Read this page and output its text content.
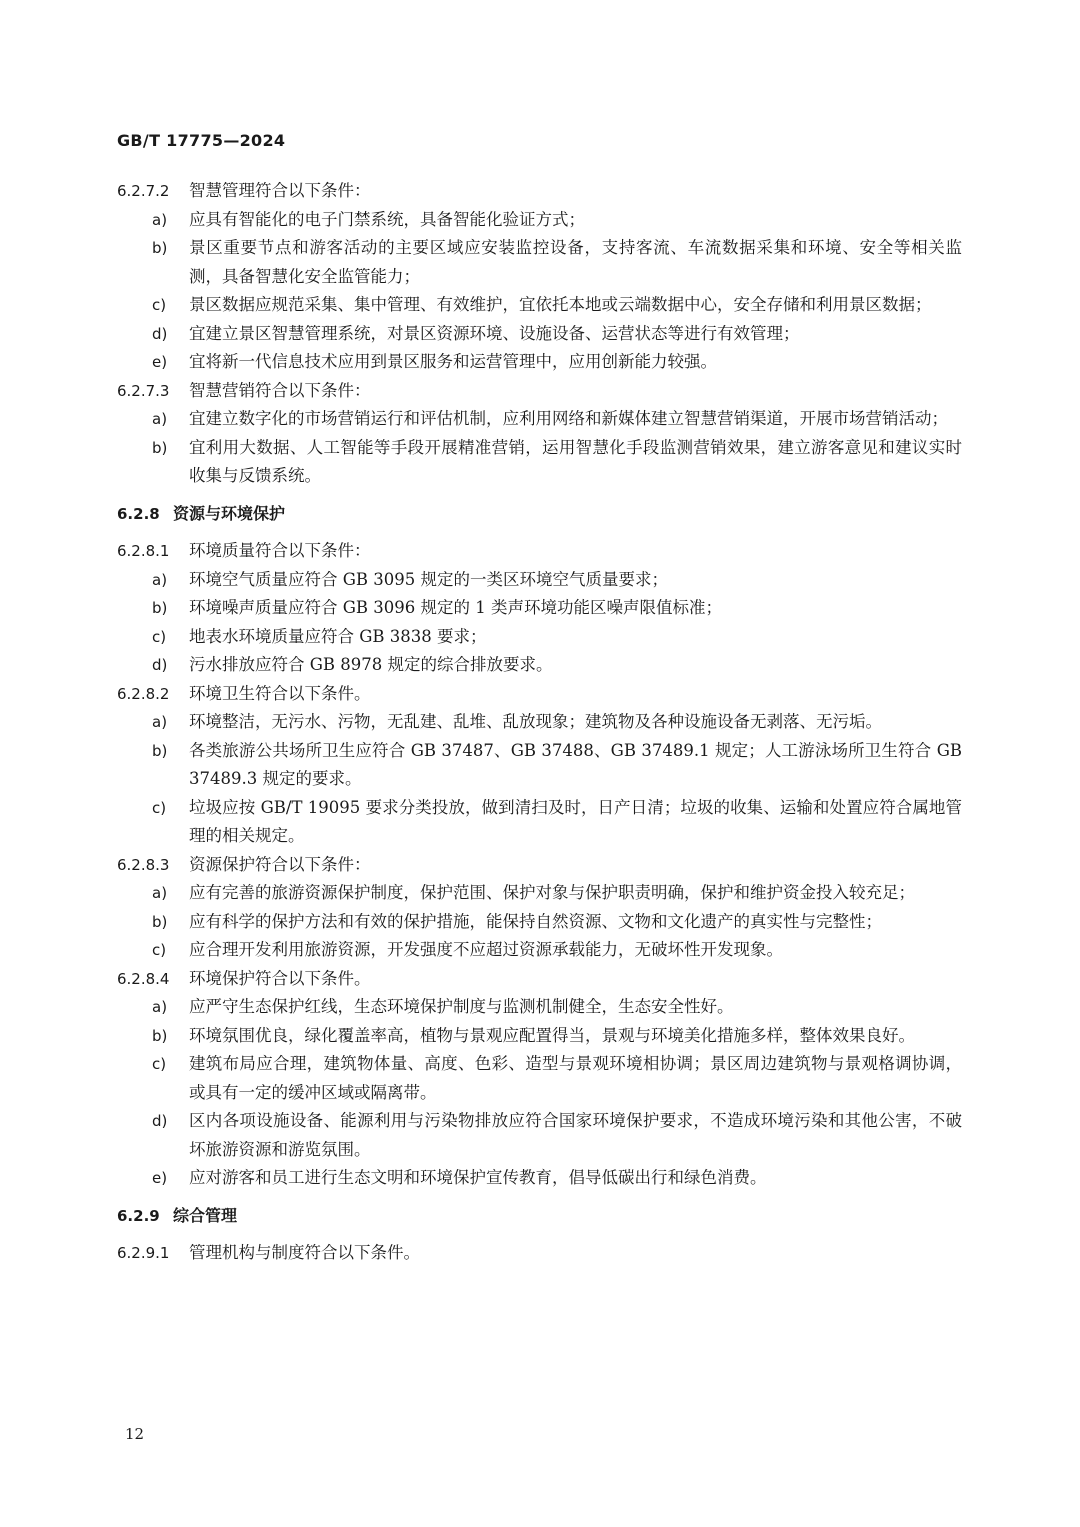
GB/T 17775—2024
6.2.7.2	智慧管理符合以下条件：
a)	应具有智能化的电子门禁系统，具备智能化验证方式；
b)	景区重要节点和游客活动的主要区域应安装监控设备，支持客流、车流数据采集和环境、安全等相关监测，具备智慧化安全监管能力；
c)	景区数据应规范采集、集中管理、有效维护，宜依托本地或云端数据中心，安全存储和利用景区数据；
d)	宜建立景区智慧管理系统，对景区资源环境、设施设备、运营状态等进行有效管理；
e)	宜将新一代信息技术应用到景区服务和运营管理中，应用创新能力较强。
6.2.7.3	智慧营销符合以下条件：
a)	宜建立数字化的市场营销运行和评估机制，应利用网络和新媒体建立智慧营销渠道，开展市场营销活动；
b)	宜利用大数据、人工智能等手段开展精准营销，运用智慧化手段监测营销效果，建立游客意见和建议实时收集与反馈系统。
6.2.8 资源与环境保护
6.2.8.1	环境质量符合以下条件：
a)	环境空气质量应符合 GB 3095 规定的一类区环境空气质量要求；
b)	环境噪声质量应符合 GB 3096 规定的 1 类声环境功能区噪声限值标准；
c)	地表水环境质量应符合 GB 3838 要求；
d)	污水排放应符合 GB 8978 规定的综合排放要求。
6.2.8.2	环境卫生符合以下条件。
a)	环境整洁，无污水、污物，无乱建、乱堆、乱放现象；建筑物及各种设施设备无剥落、无污垢。
b)	各类旅游公共场所卫生应符合 GB 37487、GB 37488、GB 37489.1 规定；人工游泳场所卫生符合 GB 37489.3 规定的要求。
c)	垃圾应按 GB/T 19095 要求分类投放，做到清扫及时，日产日清；垃圾的收集、运输和处置应符合属地管理的相关规定。
6.2.8.3	资源保护符合以下条件：
a)	应有完善的旅游资源保护制度，保护范围、保护对象与保护职责明确，保护和维护资金投入较充足；
b)	应有科学的保护方法和有效的保护措施，能保持自然资源、文物和文化遗产的真实性与完整性；
c)	应合理开发利用旅游资源，开发强度不应超过资源承载能力，无破坏性开发现象。
6.2.8.4	环境保护符合以下条件。
a)	应严守生态保护红线，生态环境保护制度与监测机制健全，生态安全性好。
b)	环境氛围优良，绿化覆盖率高，植物与景观应配置得当，景观与环境美化措施多样，整体效果良好。
c)	建筑布局应合理，建筑物体量、高度、色彩、造型与景观环境相协调；景区周边建筑物与景观格调协调，或具有一定的缓冲区域或隔离带。
d)	区内各项设施设备、能源利用与污染物排放应符合国家环境保护要求，不造成环境污染和其他公害，不破坏旅游资源和游览氛围。
e)	应对游客和员工进行生态文明和环境保护宣传教育，倡导低碳出行和绿色消费。
6.2.9 综合管理
6.2.9.1	管理机构与制度符合以下条件。
12
